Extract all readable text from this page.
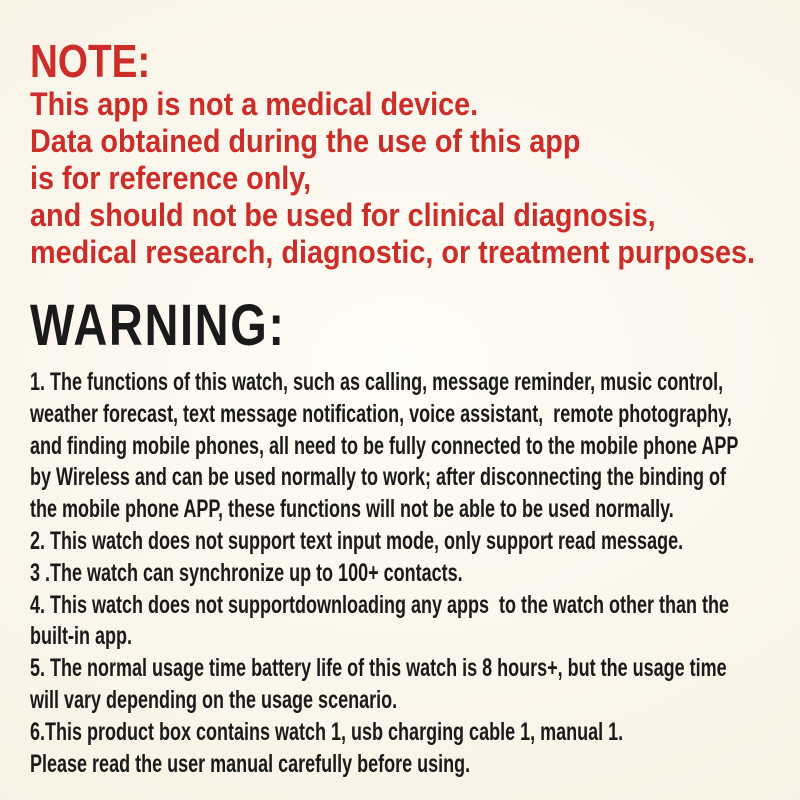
NOTE:
This app is not a medical device.
Data obtained during the use of this app
is for reference only,
and should not be used for clinical diagnosis,
medical research, diagnostic, or treatment purposes.
WARNING:
1. The functions of this watch, such as calling, message reminder, music control,
weather forecast, text message notification, voice assistant,  remote photography,
and finding mobile phones, all need to be fully connected to the mobile phone APP
by Wireless and can be used normally to work; after disconnecting the binding of
the mobile phone APP, these functions will not be able to be used normally.
2. This watch does not support text input mode, only support read message.
3 .The watch can synchronize up to 100+ contacts.
4. This watch does not supportdownloading any apps  to the watch other than the
built-in app.
5. The normal usage time battery life of this watch is 8 hours+, but the usage time
will vary depending on the usage scenario.
6.This product box contains watch 1, usb charging cable 1, manual 1.
Please read the user manual carefully before using.
